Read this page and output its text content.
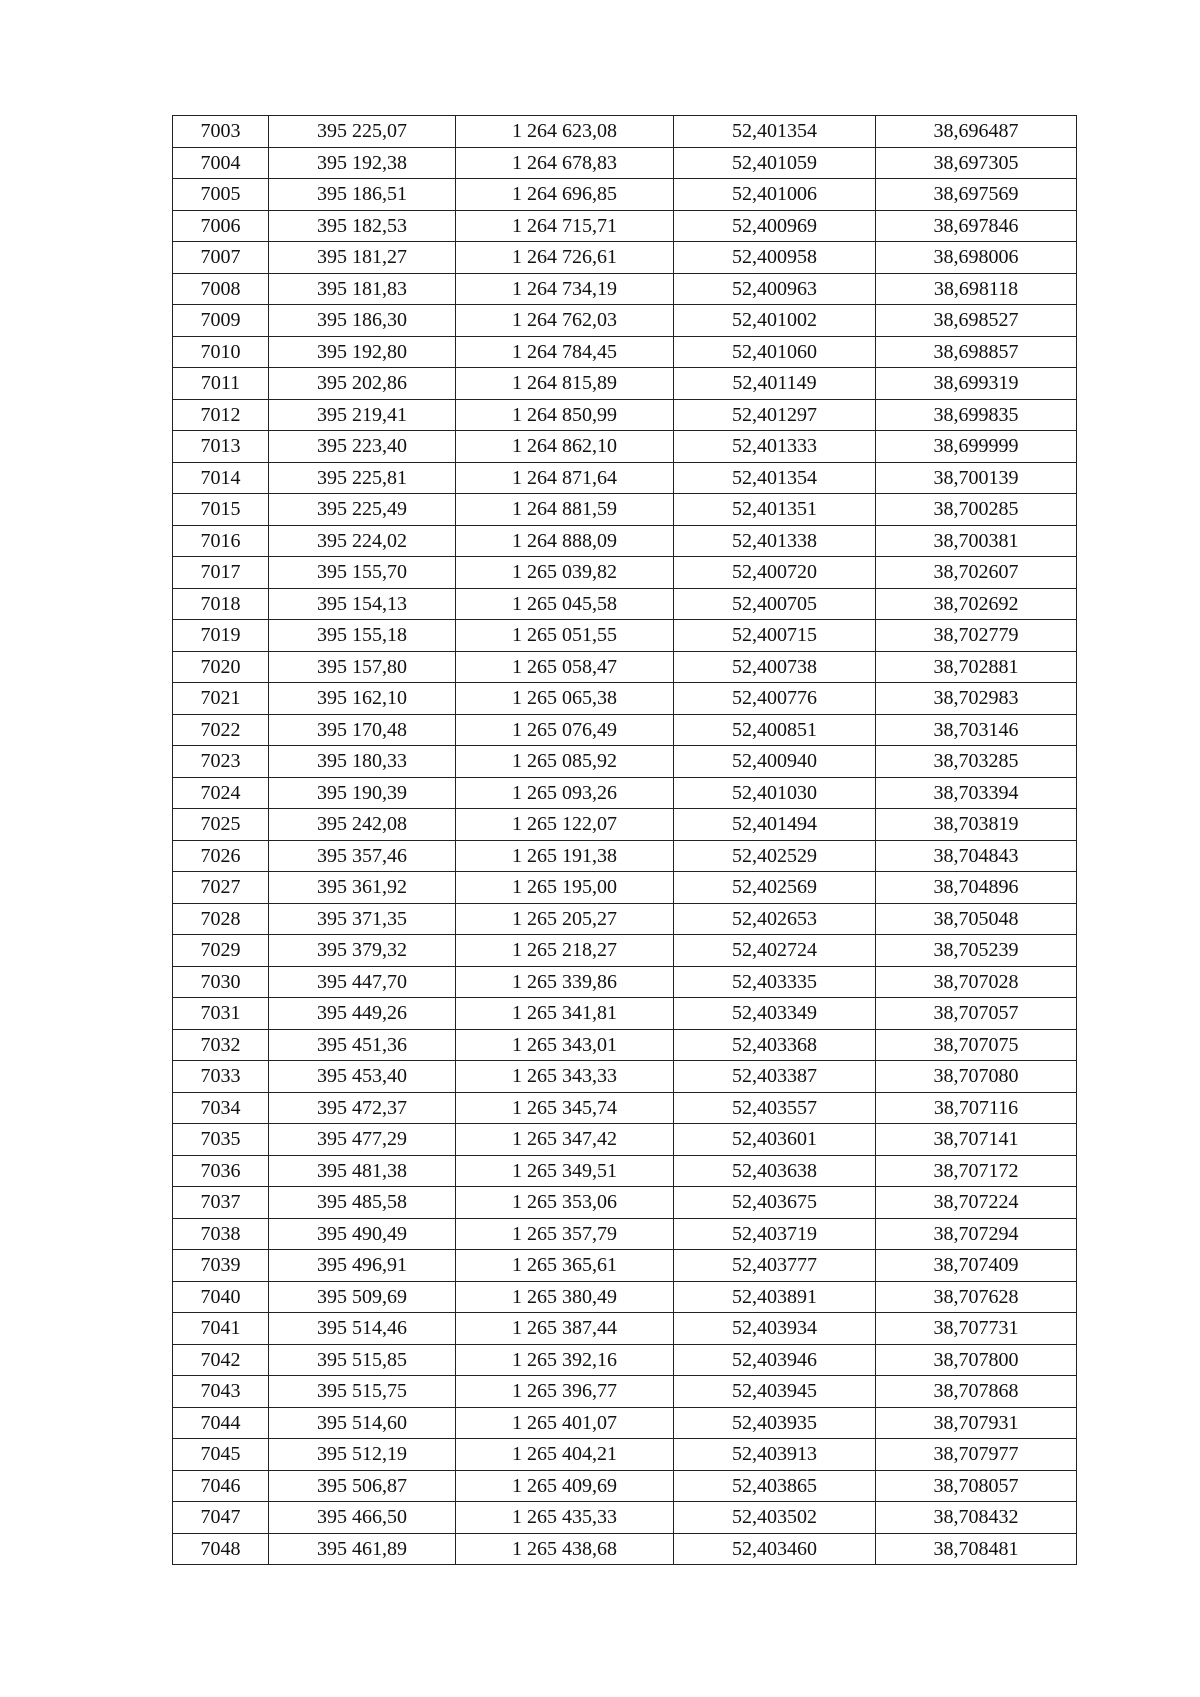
7003	395 225,07	1 264 623,08	52,401354	38,696487
7004	395 192,38	1 264 678,83	52,401059	38,697305
7005	395 186,51	1 264 696,85	52,401006	38,697569
7006	395 182,53	1 264 715,71	52,400969	38,697846
7007	395 181,27	1 264 726,61	52,400958	38,698006
7008	395 181,83	1 264 734,19	52,400963	38,698118
7009	395 186,30	1 264 762,03	52,401002	38,698527
7010	395 192,80	1 264 784,45	52,401060	38,698857
7011	395 202,86	1 264 815,89	52,401149	38,699319
7012	395 219,41	1 264 850,99	52,401297	38,699835
7013	395 223,40	1 264 862,10	52,401333	38,699999
7014	395 225,81	1 264 871,64	52,401354	38,700139
7015	395 225,49	1 264 881,59	52,401351	38,700285
7016	395 224,02	1 264 888,09	52,401338	38,700381
7017	395 155,70	1 265 039,82	52,400720	38,702607
7018	395 154,13	1 265 045,58	52,400705	38,702692
7019	395 155,18	1 265 051,55	52,400715	38,702779
7020	395 157,80	1 265 058,47	52,400738	38,702881
7021	395 162,10	1 265 065,38	52,400776	38,702983
7022	395 170,48	1 265 076,49	52,400851	38,703146
7023	395 180,33	1 265 085,92	52,400940	38,703285
7024	395 190,39	1 265 093,26	52,401030	38,703394
7025	395 242,08	1 265 122,07	52,401494	38,703819
7026	395 357,46	1 265 191,38	52,402529	38,704843
7027	395 361,92	1 265 195,00	52,402569	38,704896
7028	395 371,35	1 265 205,27	52,402653	38,705048
7029	395 379,32	1 265 218,27	52,402724	38,705239
7030	395 447,70	1 265 339,86	52,403335	38,707028
7031	395 449,26	1 265 341,81	52,403349	38,707057
7032	395 451,36	1 265 343,01	52,403368	38,707075
7033	395 453,40	1 265 343,33	52,403387	38,707080
7034	395 472,37	1 265 345,74	52,403557	38,707116
7035	395 477,29	1 265 347,42	52,403601	38,707141
7036	395 481,38	1 265 349,51	52,403638	38,707172
7037	395 485,58	1 265 353,06	52,403675	38,707224
7038	395 490,49	1 265 357,79	52,403719	38,707294
7039	395 496,91	1 265 365,61	52,403777	38,707409
7040	395 509,69	1 265 380,49	52,403891	38,707628
7041	395 514,46	1 265 387,44	52,403934	38,707731
7042	395 515,85	1 265 392,16	52,403946	38,707800
7043	395 515,75	1 265 396,77	52,403945	38,707868
7044	395 514,60	1 265 401,07	52,403935	38,707931
7045	395 512,19	1 265 404,21	52,403913	38,707977
7046	395 506,87	1 265 409,69	52,403865	38,708057
7047	395 466,50	1 265 435,33	52,403502	38,708432
7048	395 461,89	1 265 438,68	52,403460	38,708481
